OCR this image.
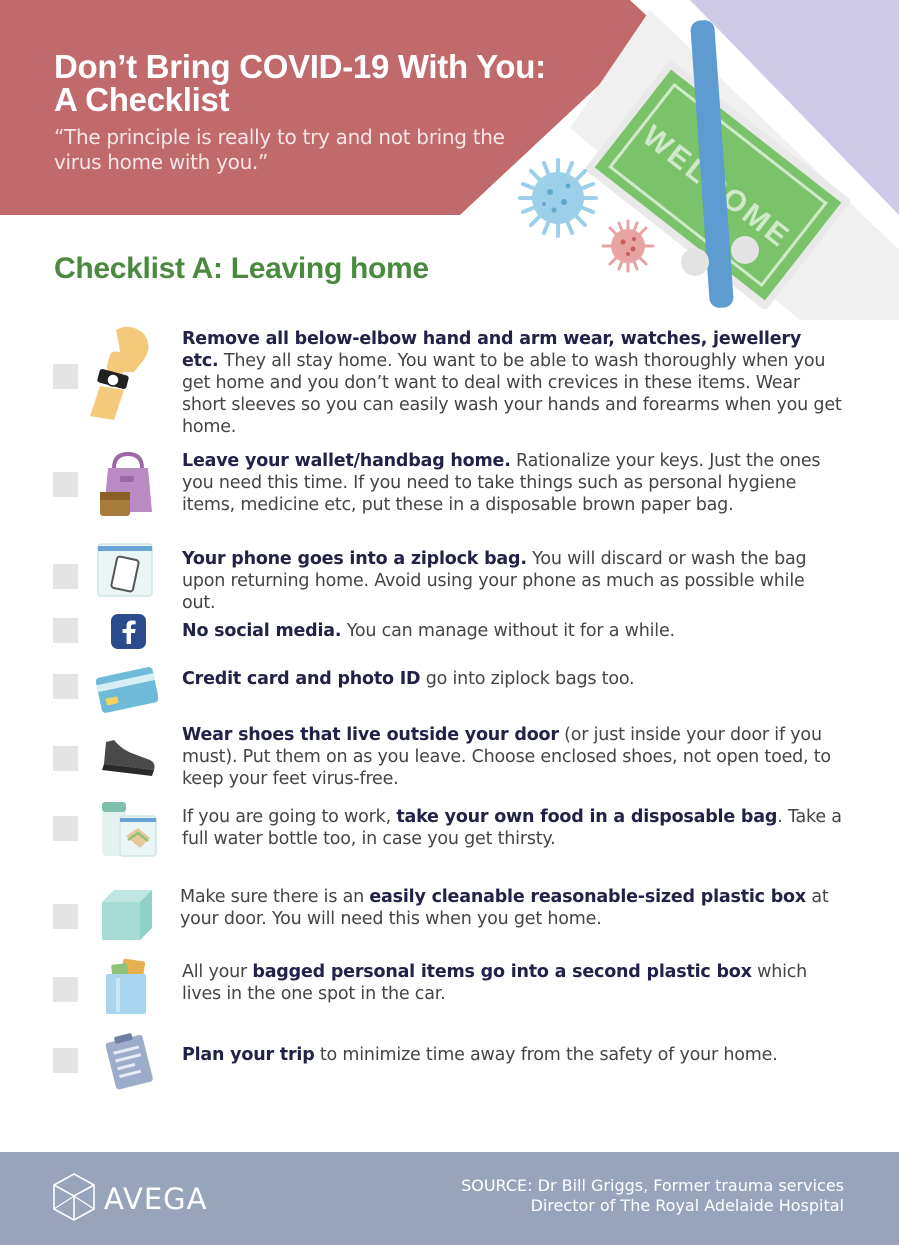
Don’t Bring COVID-19 With You:
A Checklist
“The principle is really to try and not bring the virus home with you.”
Checklist A: Leaving home
Remove all below-elbow hand and arm wear, watches, jewellery etc. They all stay home. You want to be able to wash thoroughly when you get home and you don’t want to deal with crevices in these items. Wear short sleeves so you can easily wash your hands and forearms when you get home.
Leave your wallet/handbag home. Rationalize your keys. Just the ones you need this time. If you need to take things such as personal hygiene items, medicine etc, put these in a disposable brown paper bag.
Your phone goes into a ziplock bag. You will discard or wash the bag upon returning home. Avoid using your phone as much as possible while out.
No social media. You can manage without it for a while.
Credit card and photo ID go into ziplock bags too.
Wear shoes that live outside your door (or just inside your door if you must). Put them on as you leave. Choose enclosed shoes, not open toed, to keep your feet virus-free.
If you are going to work, take your own food in a disposable bag. Take a full water bottle too, in case you get thirsty.
Make sure there is an easily cleanable reasonable-sized plastic box at your door. You will need this when you get home.
All your bagged personal items go into a second plastic box which lives in the one spot in the car.
Plan your trip to minimize time away from the safety of your home.
AVEGA	SOURCE: Dr Bill Griggs, Former trauma services
Director of The Royal Adelaide Hospital
